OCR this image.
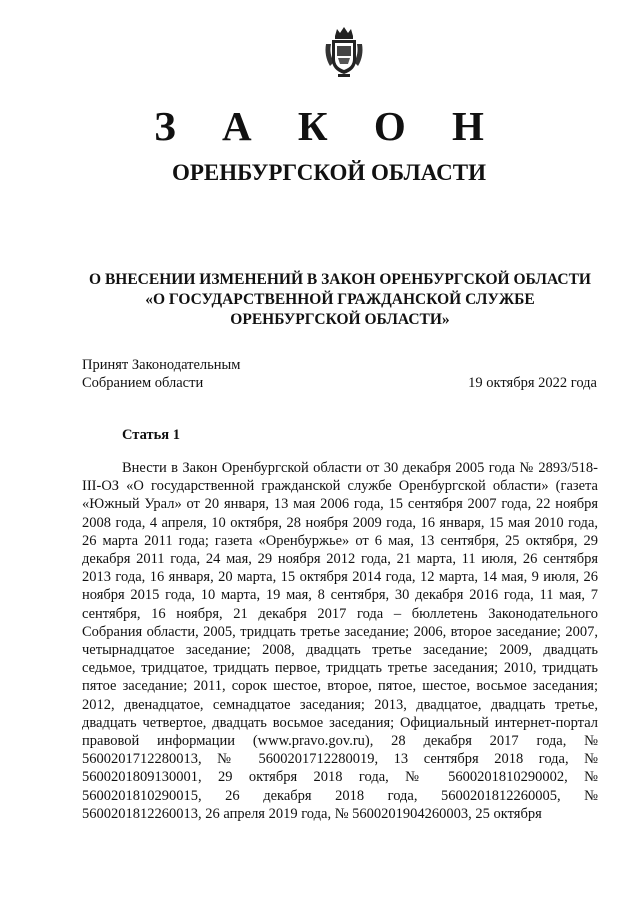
З А К О Н
ОРЕНБУРГСКОЙ ОБЛАСТИ
О ВНЕСЕНИИ ИЗМЕНЕНИЙ В ЗАКОН ОРЕНБУРГСКОЙ ОБЛАСТИ
«О ГОСУДАРСТВЕННОЙ ГРАЖДАНСКОЙ СЛУЖБЕ
ОРЕНБУРГСКОЙ ОБЛАСТИ»
Принят Законодательным
Собранием области	19 октября 2022 года
Статья 1
Внести в Закон Оренбургской области от 30 декабря 2005 года № 2893/518-III-ОЗ «О государственной гражданской службе Оренбургской области» (газета «Южный Урал» от 20 января, 13 мая 2006 года, 15 сентября 2007 года, 22 ноября 2008 года, 4 апреля, 10 октября, 28 ноября 2009 года, 16 января, 15 мая 2010 года, 26 марта 2011 года; газета «Оренбуржье» от 6 мая, 13 сентября, 25 октября, 29 декабря 2011 года, 24 мая, 29 ноября 2012 года, 21 марта, 11 июля, 26 сентября 2013 года, 16 января, 20 марта, 15 октября 2014 года, 12 марта, 14 мая, 9 июля, 26 ноября 2015 года, 10 марта, 19 мая, 8 сентября, 30 декабря 2016 года, 11 мая, 7 сентября, 16 ноября, 21 декабря 2017 года – бюллетень Законодательного Собрания области, 2005, тридцать третье заседание; 2006, второе заседание; 2007, четырнадцатое заседание; 2008, двадцать третье заседание; 2009, двадцать седьмое, тридцатое, тридцать первое, тридцать третье заседания; 2010, тридцать пятое заседание; 2011, сорок шестое, второе, пятое, шестое, восьмое заседания; 2012, двенадцатое, семнадцатое заседания; 2013, двадцатое, двадцать третье, двадцать четвертое, двадцать восьмое заседания; Официальный интернет-портал правовой информации (www.pravo.gov.ru), 28 декабря 2017 года, № 5600201712280013, № 5600201712280019, 13 сентября 2018 года, № 5600201809130001, 29 октября 2018 года, № 5600201810290002, № 5600201810290015, 26 декабря 2018 года, 5600201812260005, № 5600201812260013, 26 апреля 2019 года, № 5600201904260003, 25 октября
